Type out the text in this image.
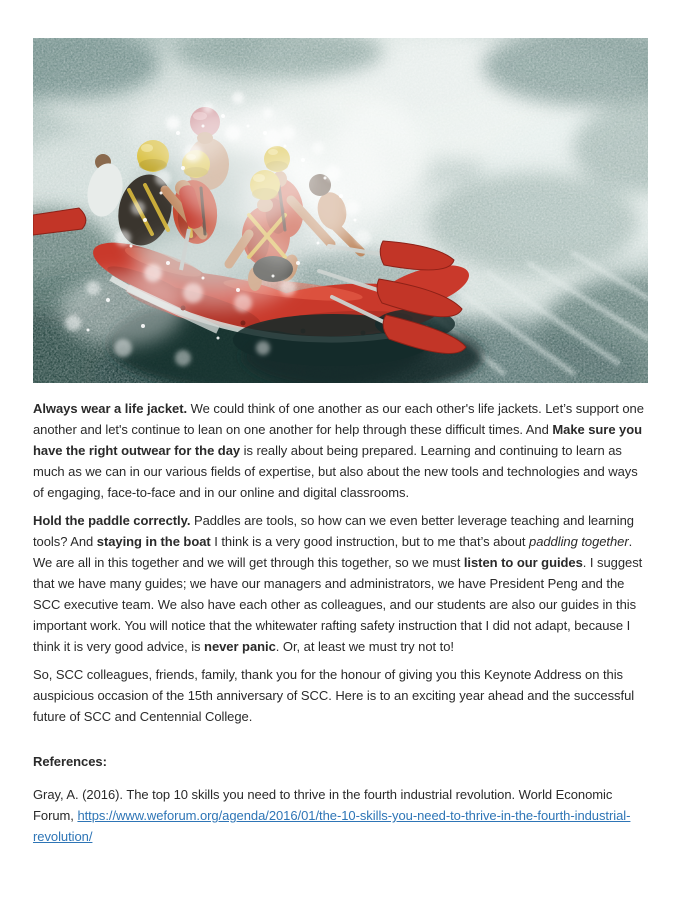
Always wear a life jacket. We could think of one another as our each other's life jackets. Let’s support one another and let's continue to lean on one another for help through these difficult times. And Make sure you have the right outwear for the day is really about being prepared. Learning and continuing to learn as much as we can in our various fields of expertise, but also about the new tools and technologies and ways of engaging, face-to-face and in our online and digital classrooms.

Hold the paddle correctly. Paddles are tools, so how can we even better leverage teaching and learning tools? And staying in the boat I think is a very good instruction, but to me that’s about paddling together. We are all in this together and we will get through this together, so we must listen to our guides. I suggest that we have many guides; we have our managers and administrators, we have President Peng and the SCC executive team. We also have each other as colleagues, and our students are also our guides in this important work. You will notice that the whitewater rafting safety instruction that I did not adapt, because I think it is very good advice, is never panic. Or, at least we must try not to!

So, SCC colleagues, friends, family, thank you for the honour of giving you this Keynote Address on this auspicious occasion of the 15th anniversary of SCC. Here is to an exciting year ahead and the successful future of SCC and Centennial College.

References:

Gray, A. (2016). The top 10 skills you need to thrive in the fourth industrial revolution. World Economic Forum, https://www.weforum.org/agenda/2016/01/the-10-skills-you-need-to-thrive-in-the-fourth-industrial-revolution/
